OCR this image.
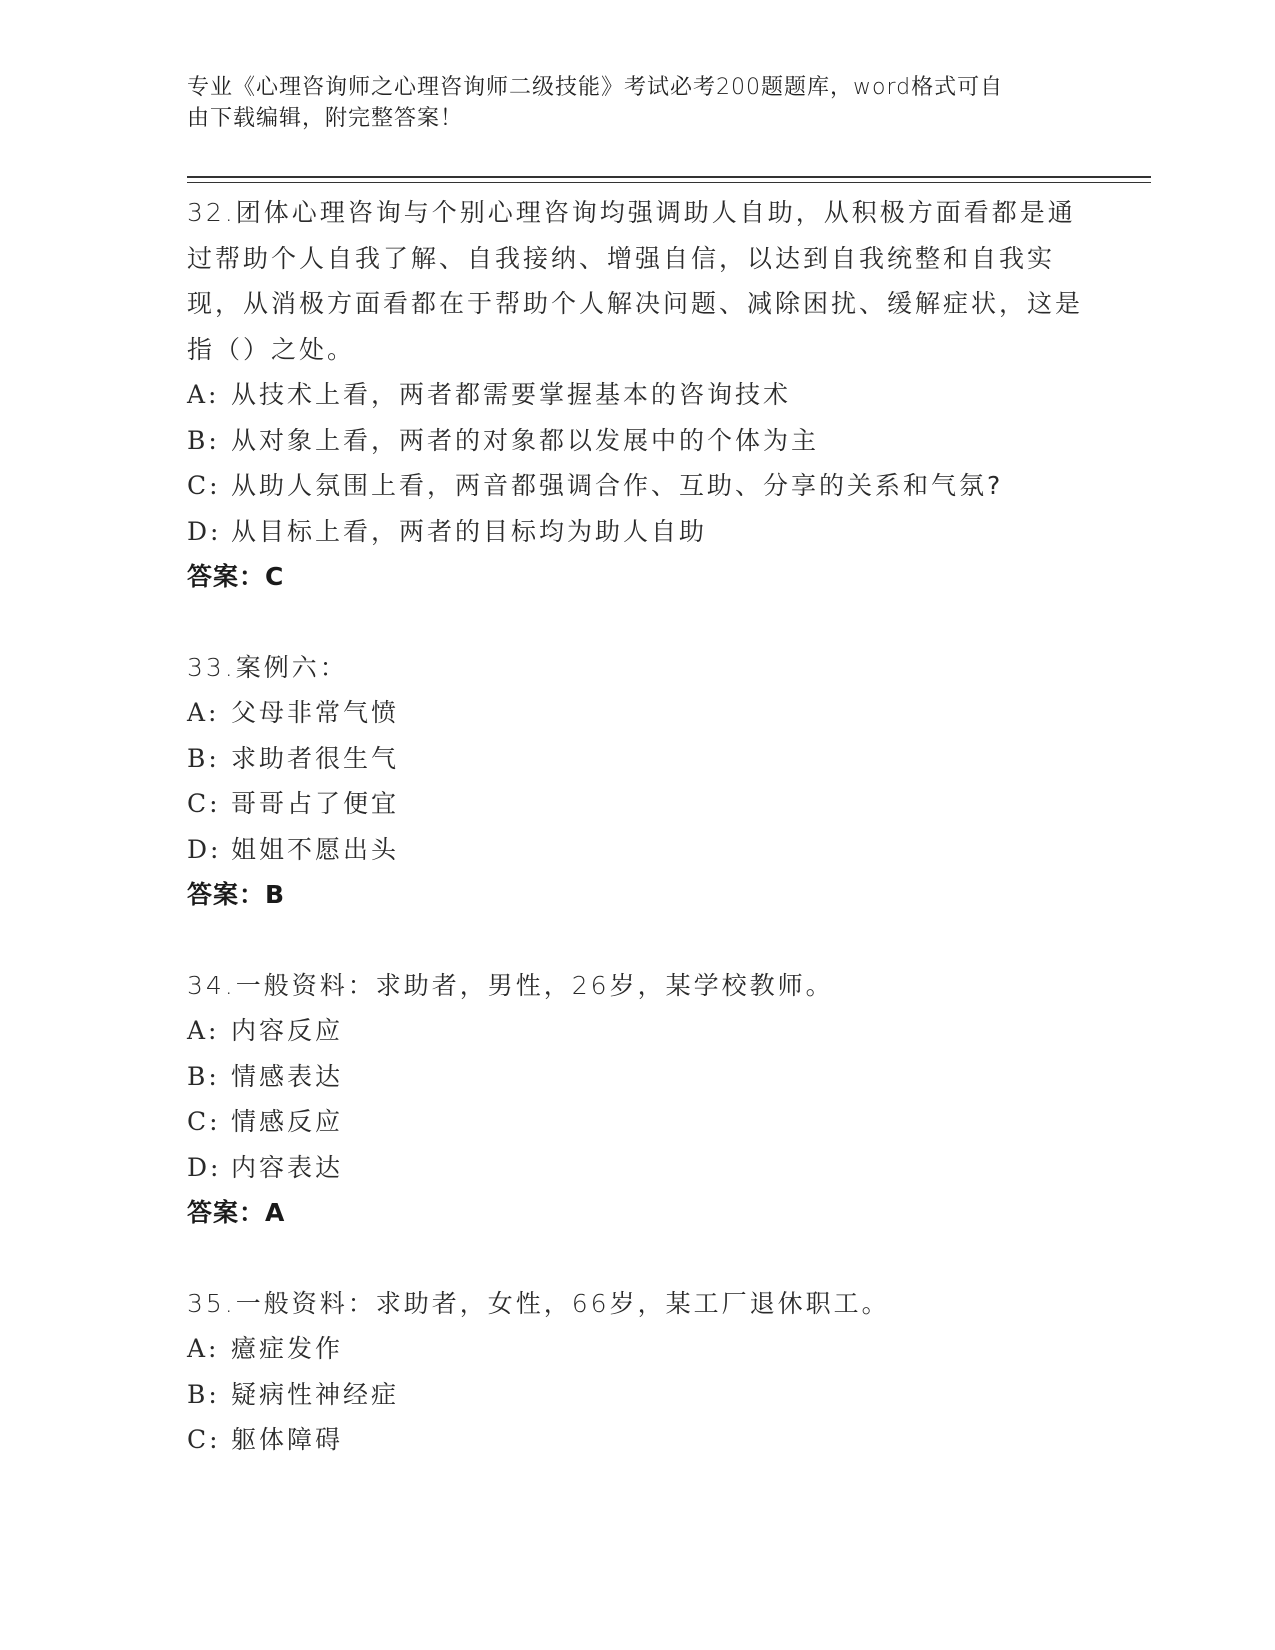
专业《心理咨询师之心理咨询师二级技能》考试必考200题题库，word格式可自
由下载编辑，附完整答案！
32.团体心理咨询与个别心理咨询均强调助人自助，从积极方面看都是通过帮助个人自我了解、自我接纳、增强自信，以达到自我统整和自我实现，从消极方面看都在于帮助个人解决问题、减除困扰、缓解症状，这是指（）之处。
A: 从技术上看，两者都需要掌握基本的咨询技术
B: 从对象上看，两者的对象都以发展中的个体为主
C: 从助人氛围上看，两音都强调合作、互助、分享的关系和气氛?
D: 从目标上看，两者的目标均为助人自助
答案：C
33.案例六：
A: 父母非常气愤
B: 求助者很生气
C: 哥哥占了便宜
D: 姐姐不愿出头
答案：B
34.一般资料：求助者，男性，26岁，某学校教师。
A: 内容反应
B: 情感表达
C: 情感反应
D: 内容表达
答案：A
35.一般资料：求助者，女性，66岁，某工厂退休职工。
A: 癔症发作
B: 疑病性神经症
C: 躯体障碍
